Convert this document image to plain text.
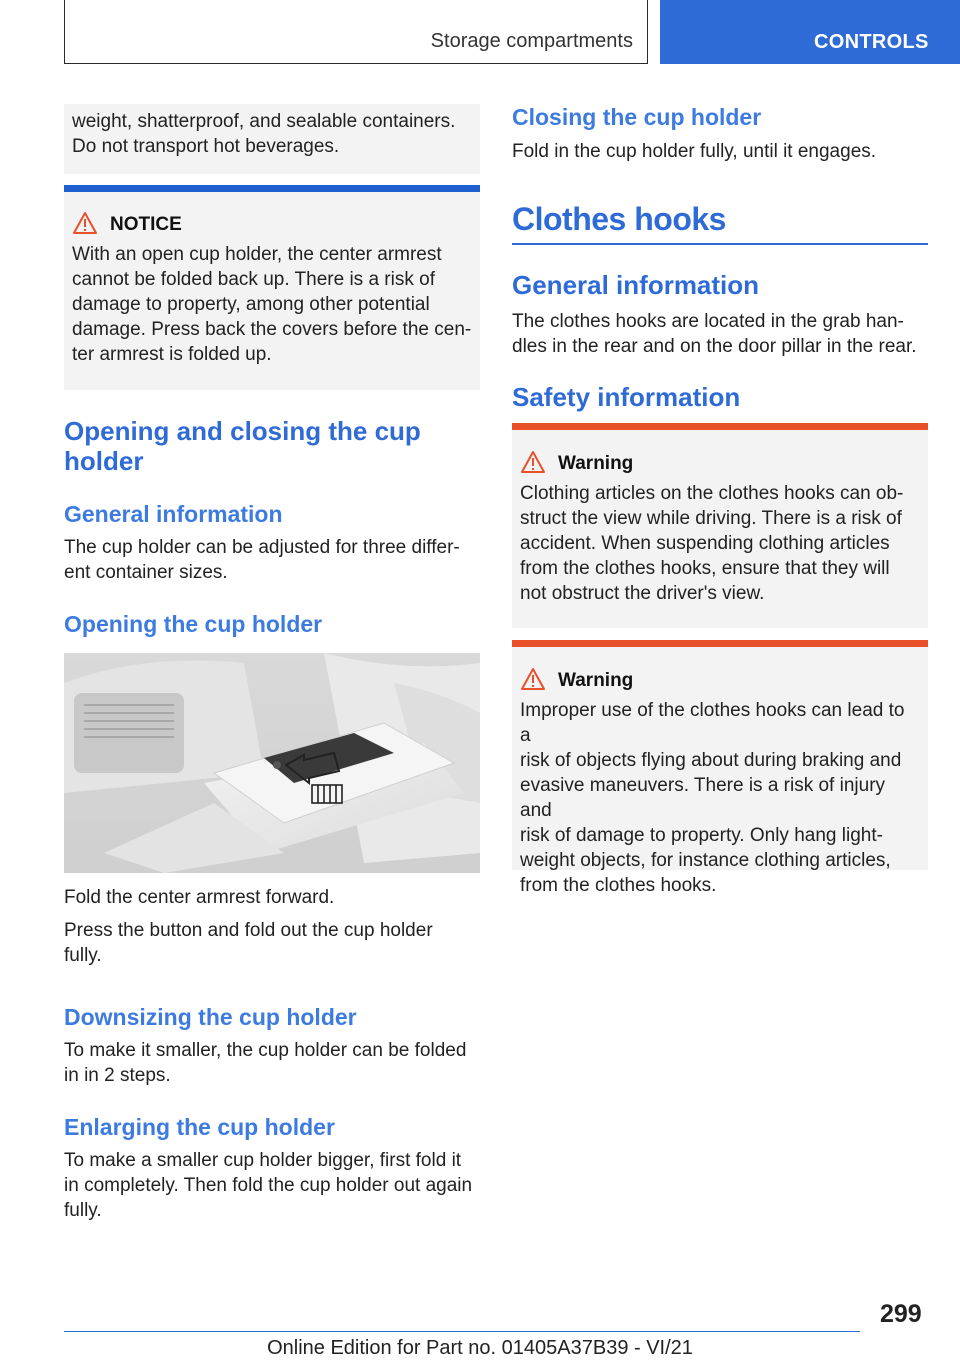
Storage compartments	CONTROLS

weight, shatterproof, and sealable containers.

Do not transport hot beverages.

NOTICE

With an open cup holder, the center armrest

cannot be folded back up. There is a risk of

damage to property, among other potential

damage. Press back the covers before the cen-

ter armrest is folded up.

Opening and closing the cup
holder
General information

The cup holder can be adjusted for three differ-

ent container sizes.

Opening the cup holder

Fold the center armrest forward.

Press the button and fold out the cup holder

fully.

Downsizing the cup holder

To make it smaller, the cup holder can be folded

in in 2 steps.

Enlarging the cup holder

To make a smaller cup holder bigger, first fold it

in completely. Then fold the cup holder out again

fully.

Closing the cup holder

Fold in the cup holder fully, until it engages.

Clothes hooks
General information

The clothes hooks are located in the grab han-

dles in the rear and on the door pillar in the rear.

Safety information
Warning

Clothing articles on the clothes hooks can ob-

struct the view while driving. There is a risk of

accident. When suspending clothing articles

from the clothes hooks, ensure that they will

not obstruct the driver's view.

Warning

Improper use of the clothes hooks can lead to a

risk of objects flying about during braking and

evasive maneuvers. There is a risk of injury and

risk of damage to property. Only hang light-

weight objects, for instance clothing articles,

from the clothes hooks.

299
Online Edition for Part no. 01405A37B39 - VI/21
